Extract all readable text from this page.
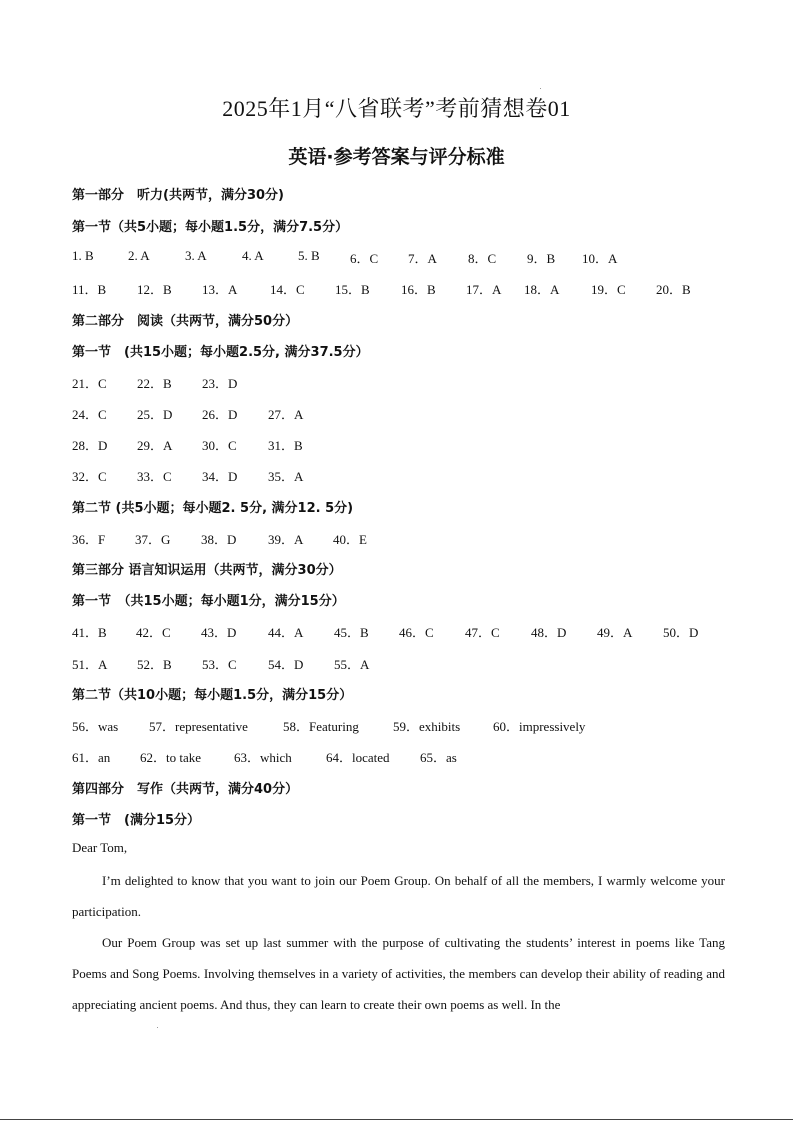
2025年1月“八省联考”考前猜想卷01
英语·参考答案与评分标准
第一部分　听力(共两节，满分30分)
第一节（共5小题；每小题1.5分，满分7.5分）
1. B	2. A	3. A	4. A	5. B 6．C 7．A 8．C 9．B 10．A
11．B 12．B 13．A	14．C 15．B 16．B 17．A 18．A 19．C 20．B
第二部分　阅读（共两节，满分50分）
第一节　(共15小题；每小题2.5分, 满分37.5分）
21．C 22．B 23．D
24．C 25．D 26．D 27．A
28．D 29．A 30．C 31．B
32．C 33．C 34．D 35．A
第二节 (共5小题；每小题2. 5分, 满分12. 5分)
36．F 37．G 38．D 39．A 40．E
第三部分 语言知识运用（共两节，满分30分）
第一节　（共15小题；每小题1分，满分15分）
41．B 42．C 43．D 44．A 45．B 46．C 47．C 48．D 49．A 50．D
51．A 52．B 53．C 54．D 55．A
第二节（共10小题；每小题1.5分，满分15分）
56．was 57．representative	58．Featuring	59．exhibits	60．impressively
61．an 62．to take	63．which	64．located 65．as
第四部分　写作（共两节，满分40分）
第一节　(满分15分）
Dear Tom,
I’m delighted to know that you want to join our Poem Group. On behalf of all the members, I warmly welcome your participation.
Our Poem Group was set up last summer with the purpose of cultivating the students’ interest in poems like Tang Poems and Song Poems. Involving themselves in a variety of activities, the members can develop their ability of reading and appreciating ancient poems. And thus, they can learn to create their own poems as well. In the
